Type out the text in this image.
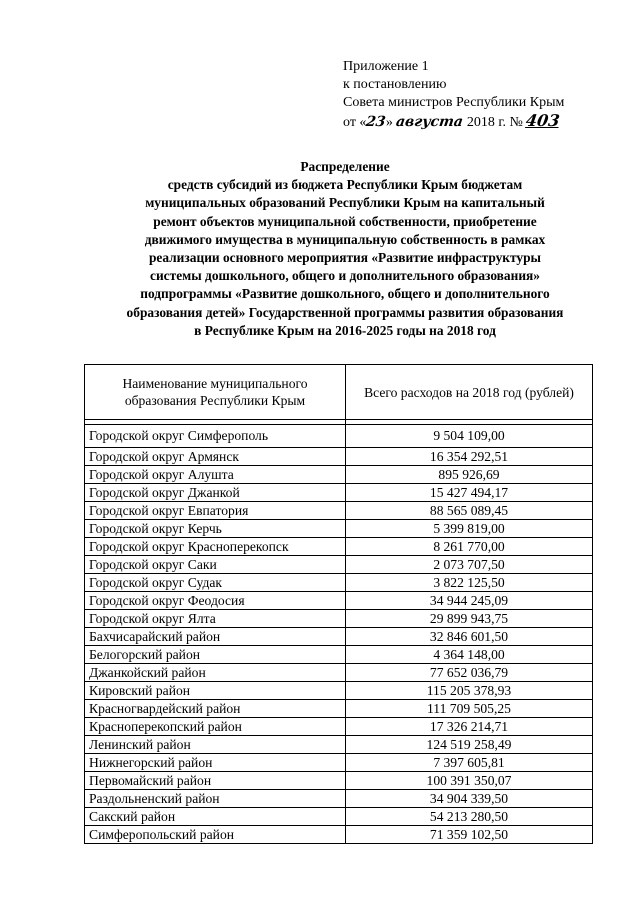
Приложение 1
к постановлению
Совета министров Республики Крым
от «23» августа 2018 г. № 403
Распределение
средств субсидий из бюджета Республики Крым бюджетам
муниципальных образований Республики Крым на капитальный
ремонт объектов муниципальной собственности, приобретение
движимого имущества в муниципальную собственность в рамках
реализации основного мероприятия «Развитие инфраструктуры
системы дошкольного, общего и дополнительного образования»
подпрограммы «Развитие дошкольного, общего и дополнительного
образования детей» Государственной программы развития образования
в Республике Крым на 2016-2025 годы на 2018 год
Наименование муниципального образования Республики Крым	Всего расходов на 2018 год (рублей)

Городской округ Симферополь	9 504 109,00
Городской округ Армянск	16 354 292,51
Городской округ Алушта	895 926,69
Городской округ Джанкой	15 427 494,17
Городской округ Евпатория	88 565 089,45
Городской округ Керчь	5 399 819,00
Городской округ Красноперекопск	8 261 770,00
Городской округ Саки	2 073 707,50
Городской округ Судак	3 822 125,50
Городской округ Феодосия	34 944 245,09
Городской округ Ялта	29 899 943,75
Бахчисарайский район	32 846 601,50
Белогорский район	4 364 148,00
Джанкойский район	77 652 036,79
Кировский район	115 205 378,93
Красногвардейский район	111 709 505,25
Красноперекопский район	17 326 214,71
Ленинский район	124 519 258,49
Нижнегорский район	7 397 605,81
Первомайский район	100 391 350,07
Раздольненский район	34 904 339,50
Сакский район	54 213 280,50
Симферопольский район	71 359 102,50
